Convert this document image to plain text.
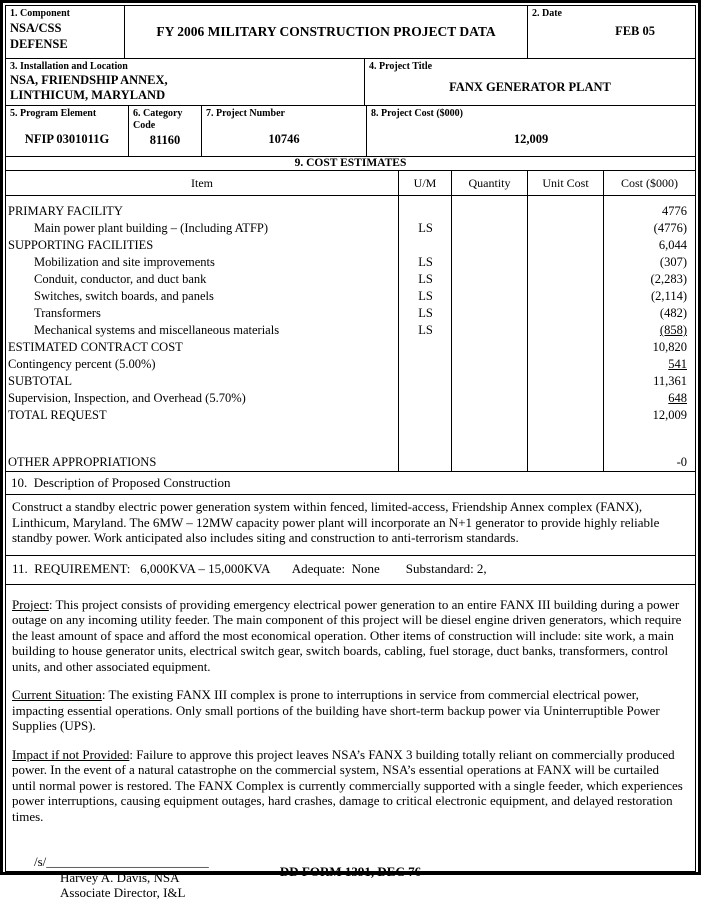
1. Component
NSA/CSS
DEFENSE
FY 2006 MILITARY CONSTRUCTION PROJECT DATA
2. Date
FEB 05
3. Installation and Location
NSA, FRIENDSHIP ANNEX,
LINTHICUM, MARYLAND
4. Project Title
FANX GENERATOR PLANT
5. Program Element
NFIP 0301011G
6. Category Code
81160
7. Project Number
10746
8. Project Cost ($000)
12,009
9. COST ESTIMATES
Item	U/M	Quantity	Unit Cost	Cost ($000)
PRIMARY FACILITY	4776
Main power plant building – (Including ATFP)	LS	(4776)
SUPPORTING FACILITIES	6,044
Mobilization and site improvements	LS	(307)
Conduit, conductor, and duct bank	LS	(2,283)
Switches, switch boards, and panels	LS	(2,114)
Transformers	LS	(482)
Mechanical systems and miscellaneous materials	LS	(858)
ESTIMATED CONTRACT COST	10,820
Contingency percent (5.00%)	541
SUBTOTAL	11,361
Supervision, Inspection, and Overhead (5.70%)	648
TOTAL REQUEST	12,009
OTHER APPROPRIATIONS	-0
10.  Description of Proposed Construction
Construct a standby electric power generation system within fenced, limited-access, Friendship Annex complex (FANX), Linthicum, Maryland. The 6MW – 12MW capacity power plant will incorporate an N+1 generator to provide highly reliable standby power. Work anticipated also includes siting and construction to anti-terrorism standards.
11.  REQUIREMENT:   6,000KVA – 15,000KVA       Adequate:  None        Substandard: 2,

Project: This project consists of providing emergency electrical power generation to an entire FANX III building during a power outage on any incoming utility feeder. The main component of this project will be diesel engine driven generators, which require the least amount of space and afford the most economical operation. Other items of construction will include: site work, a main building to house generator units, electrical switch gear, switch boards, cabling, fuel storage, duct banks, transformers, control units, and other associated equipment.

Current Situation: The existing FANX III complex is prone to interruptions in service from commercial electrical power, impacting essential operations. Only small portions of the building have short-term backup power via Uninterruptible Power Supplies (UPS).

Impact if not Provided: Failure to approve this project leaves NSA’s FANX 3 building totally reliant on commercially produced power. In the event of a natural catastrophe on the commercial system, NSA’s essential operations at FANX will be curtailed until normal power is restored. The FANX Complex is currently commercially supported with a single feeder, which experiences power interruptions, causing equipment outages, hard crashes, damage to critical electronic equipment, and delayed restoration times.

/s/_________________________
Harvey A. Davis, NSA
Associate Director, I&L
DD FORM 1391, DEC 76
